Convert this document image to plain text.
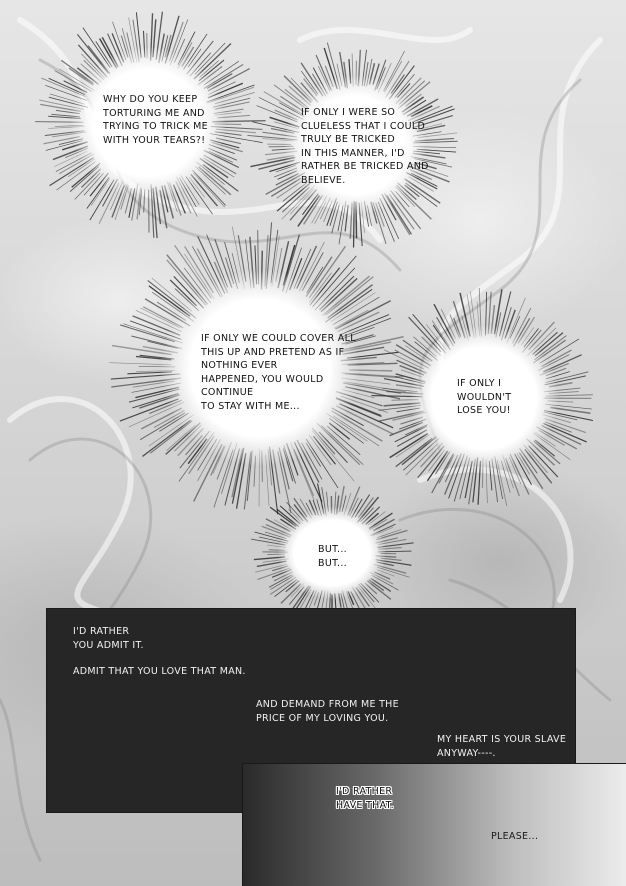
WHY DO YOU KEEP
TORTURING ME AND
TRYING TO TRICK ME
WITH YOUR TEARS?!
IF ONLY I WERE SO
CLUELESS THAT I COULD
TRULY BE TRICKED
IN THIS MANNER, I'D
RATHER BE TRICKED AND
BELIEVE.
IF ONLY WE COULD COVER ALL
THIS UP AND PRETEND AS IF
NOTHING EVER
HAPPENED, YOU WOULD
CONTINUE
TO STAY WITH ME...
IF ONLY I
WOULDN'T
LOSE YOU!
BUT...
BUT...
I'D RATHER
YOU ADMIT IT.
ADMIT THAT YOU LOVE THAT MAN.
AND DEMAND FROM ME THE
PRICE OF MY LOVING YOU.
MY HEART IS YOUR SLAVE
ANYWAY----.
I'D RATHER
HAVE THAT.
PLEASE...
